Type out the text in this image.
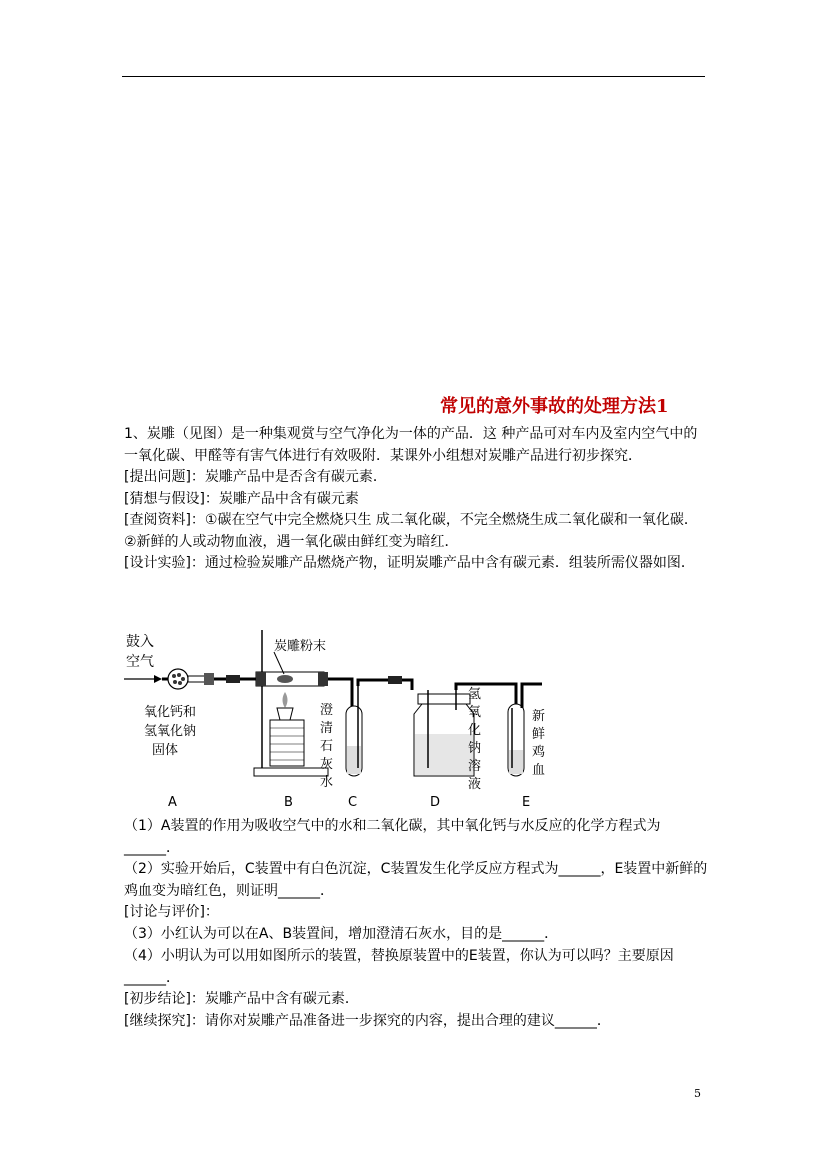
常见的意外事故的处理方法1

1、炭雕（见图）是一种集观赏与空气净化为一体的产品．这 种产品可对车内及室内空气中的一氧化碳、甲醛等有害气体进行有效吸附．某课外小组想对炭雕产品进行初步探究．

[提出问题]：炭雕产品中是否含有碳元素．

[猜想与假设]：炭雕产品中含有碳元素

[查阅资料]：①碳在空气中完全燃烧只生 成二氧化碳，不完全燃烧生成二氧化碳和一氧化碳．

②新鲜的人或动物血液，遇一氧化碳由鲜红变为暗红．

[设计实验]：通过检验炭雕产品燃烧产物，证明炭雕产品中含有碳元素．组装所需仪器如图．

鼓入
空气
氧化钙和
氢氧化钠
固体
炭雕粉末
澄清石灰水
氢氧化钠溶液
新鲜鸡血
A	B	C	D	E
（1）A装置的作用为吸收空气中的水和二氧化碳，其中氧化钙与水反应的化学方程式为______．
（2）实验开始后，C装置中有白色沉淀，C装置发生化学反应方程式为______，E装置中新鲜的鸡血变为暗红色，则证明______．
[讨论与评价]：
（3）小红认为可以在A、B装置间，增加澄清石灰水，目的是______．
（4）小明认为可以用如图所示的装置，替换原装置中的E装置，你认为可以吗？主要原因______．
[初步结论]：炭雕产品中含有碳元素．
[继续探究]：请你对炭雕产品准备进一步探究的内容，提出合理的建议______．
5
